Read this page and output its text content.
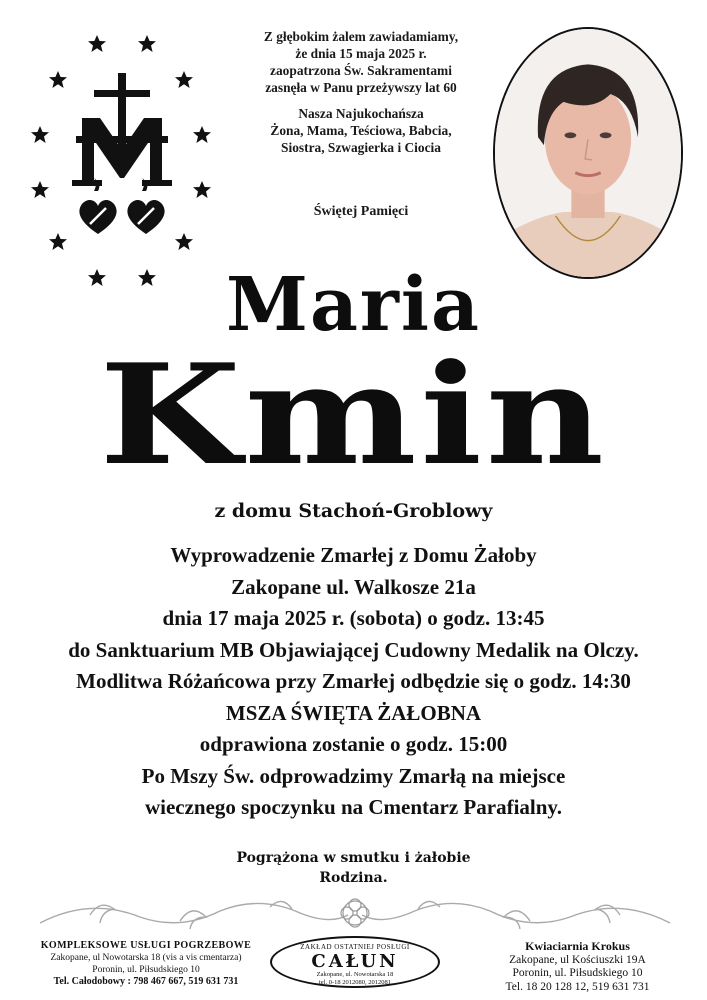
Z głębokim żalem zawiadamiamy,

że dnia 15 maja 2025 r.

zaopatrzona Św. Sakramentami

zasnęła w Panu przeżywszy lat 60

Nasza Najukochańsza

Żona, Mama, Teściowa, Babcia,

Siostra, Szwagierka i Ciocia

Świętej Pamięci
Maria
Kmin
z domu Stachoń-Groblowy

Wyprowadzenie Zmarłej z Domu Żałoby

Zakopane ul. Walkosze 21a

dnia 17 maja 2025 r. (sobota) o godz. 13:45

do Sanktuarium MB Objawiającej Cudowny Medalik na Olczy.

Modlitwa Różańcowa przy Zmarłej odbędzie się o godz. 14:30

MSZA ŚWIĘTA ŻAŁOBNA

odprawiona zostanie o godz. 15:00

Po Mszy Św. odprowadzimy Zmarłą na miejsce

wiecznego spoczynku na Cmentarz Parafialny.

Pogrążona w smutku i żałobie
Rodzina.
KOMPLEKSOWE USŁUGI POGRZEBOWE
Zakopane, ul Nowotarska 18 (vis a vis cmentarza)
Poronin, ul. Piłsudskiego 10
Tel. Całodobowy : 798 467 667, 519 631 731
ZAKŁAD OSTATNIEJ POSŁUGI
CAŁUN
Zakopane, ul. Nowotarska 18
tel. 0-18 2012080, 2012081
Kwiaciarnia Krokus
Zakopane, ul Kościuszki 19A
Poronin, ul. Piłsudskiego 10
Tel. 18 20 128 12, 519 631 731
